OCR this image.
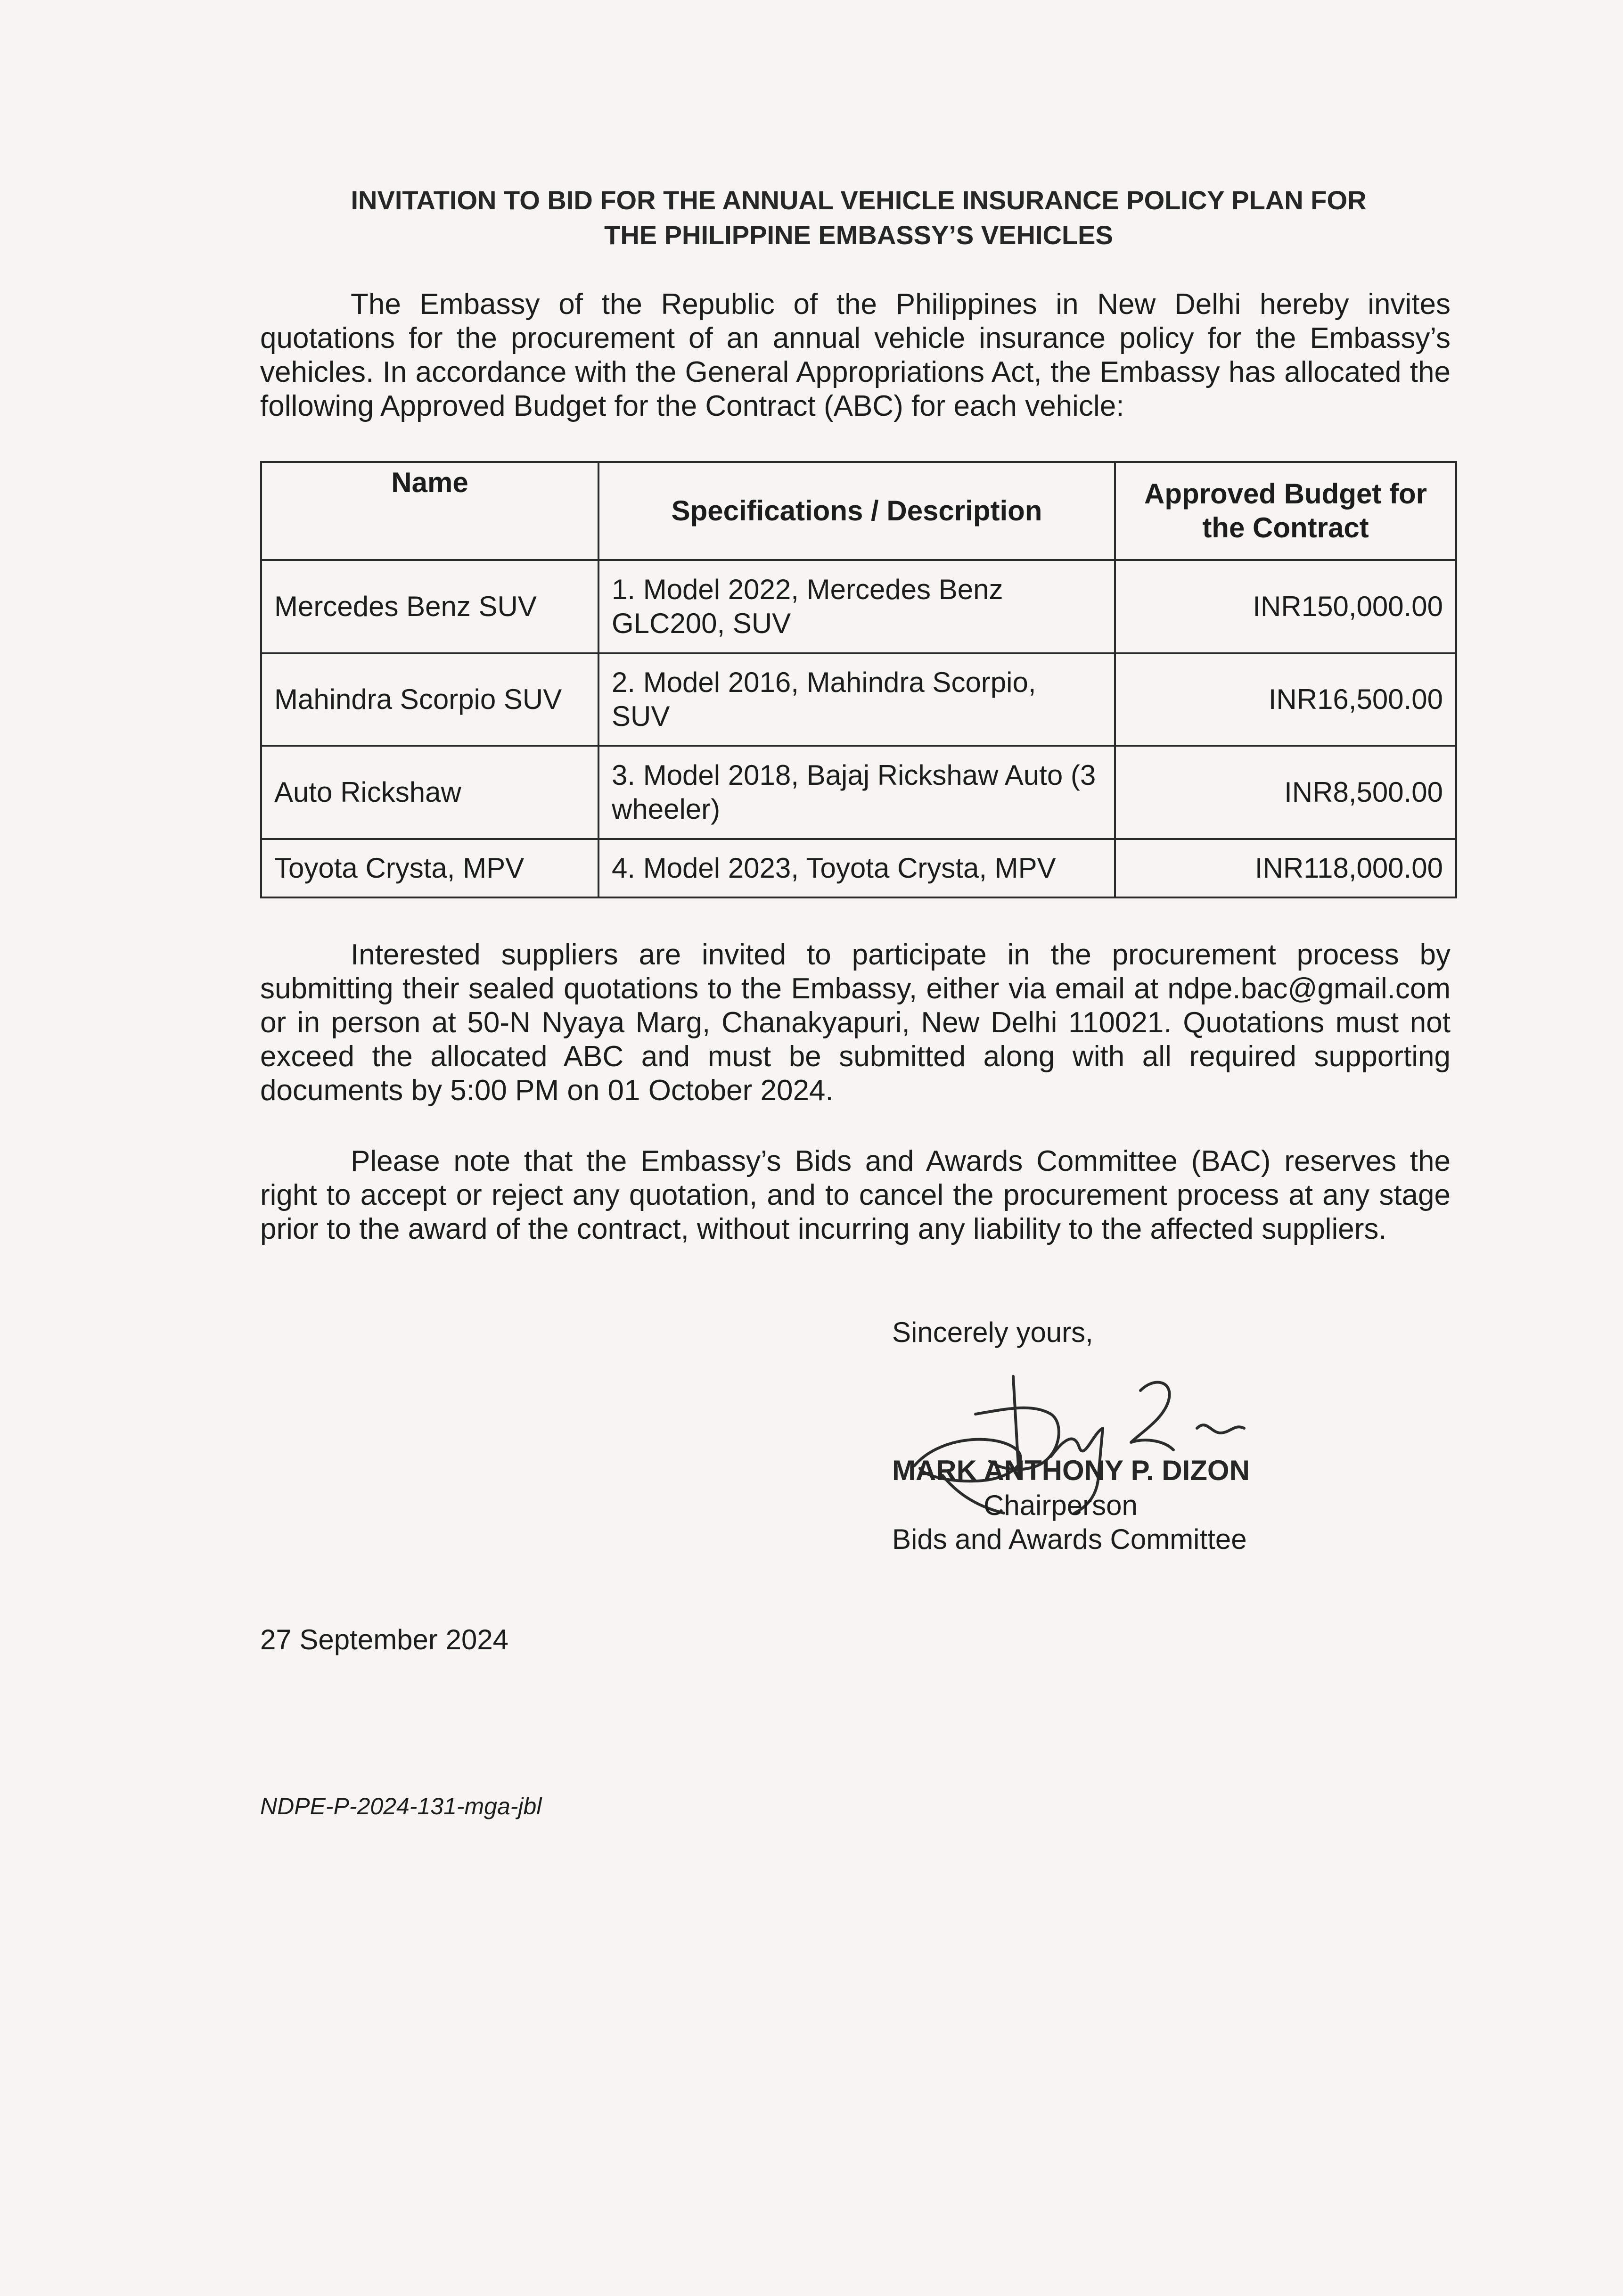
INVITATION TO BID FOR THE ANNUAL VEHICLE INSURANCE POLICY PLAN FOR
THE PHILIPPINE EMBASSY’S VEHICLES

The Embassy of the Republic of the Philippines in New Delhi hereby invites quotations for the procurement of an annual vehicle insurance policy for the Embassy’s vehicles. In accordance with the General Appropriations Act, the Embassy has allocated the following Approved Budget for the Contract (ABC) for each vehicle:

Name	Specifications / Description	Approved Budget for the Contract
Mercedes Benz SUV	1. Model 2022, Mercedes Benz GLC200, SUV	INR150,000.00
Mahindra Scorpio SUV	2. Model 2016, Mahindra Scorpio, SUV	INR16,500.00
Auto Rickshaw	3. Model 2018, Bajaj Rickshaw Auto (3 wheeler)	INR8,500.00
Toyota Crysta, MPV	4. Model 2023, Toyota Crysta, MPV	INR118,000.00

Interested suppliers are invited to participate in the procurement process by submitting their sealed quotations to the Embassy, either via email at ndpe.bac@gmail.com or in person at 50-N Nyaya Marg, Chanakyapuri, New Delhi 110021. Quotations must not exceed the allocated ABC and must be submitted along with all required supporting documents by 5:00 PM on 01 October 2024.

Please note that the Embassy’s Bids and Awards Committee (BAC) reserves the right to accept or reject any quotation, and to cancel the procurement process at any stage prior to the award of the contract, without incurring any liability to the affected suppliers.

Sincerely yours,
MARK ANTHONY P. DIZON
Chairperson
Bids and Awards Committee
27 September 2024
NDPE-P-2024-131-mga-jbl
